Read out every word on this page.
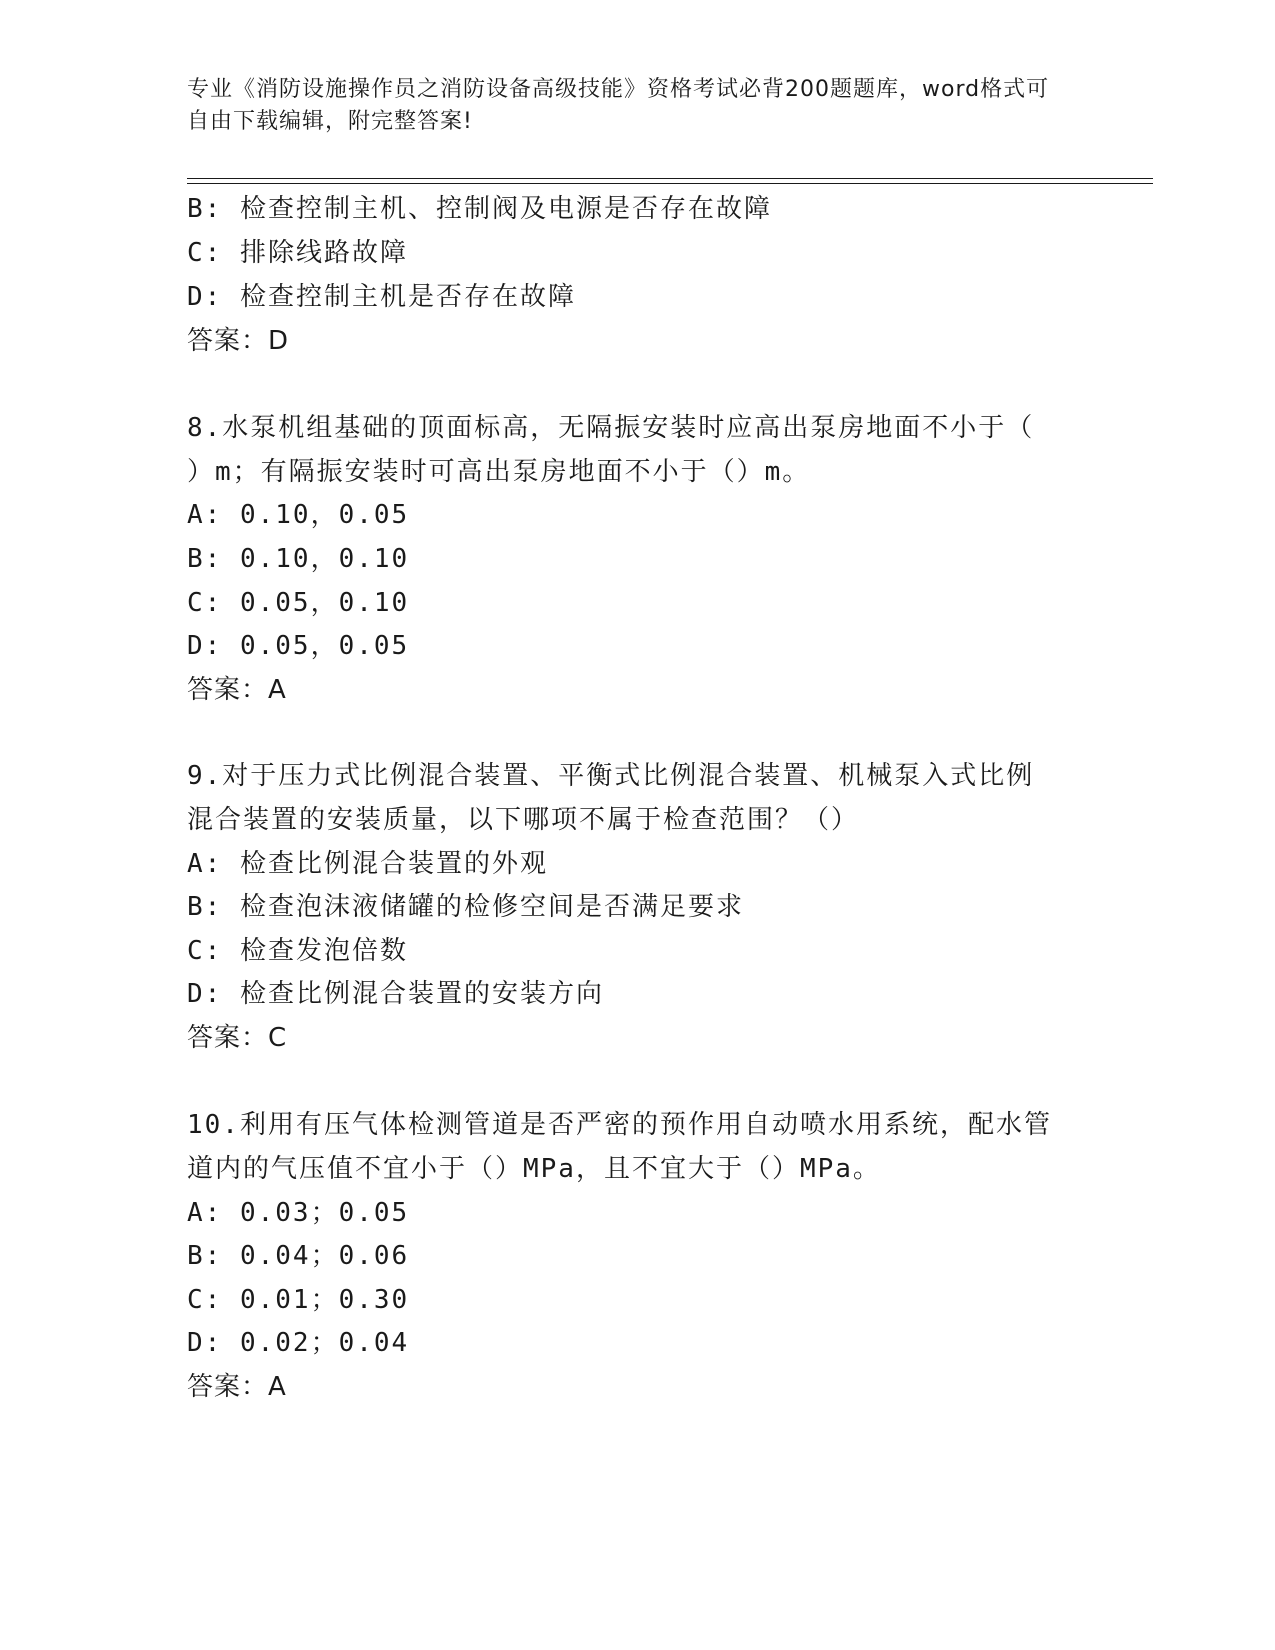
专业《消防设施操作员之消防设备高级技能》资格考试必背200题题库，word格式可自由下载编辑，附完整答案!
B: 检查控制主机、控制阀及电源是否存在故障
C: 排除线路故障
D: 检查控制主机是否存在故障
答案：D
8.水泵机组基础的顶面标高，无隔振安装时应高出泵房地面不小于（
）m；有隔振安装时可高出泵房地面不小于（）m。
A: 0.10，0.05
B: 0.10，0.10
C: 0.05，0.10
D: 0.05，0.05
答案：A
9.对于压力式比例混合装置、平衡式比例混合装置、机械泵入式比例
混合装置的安装质量，以下哪项不属于检查范围？（）
A: 检查比例混合装置的外观
B: 检查泡沫液储罐的检修空间是否满足要求
C: 检查发泡倍数
D: 检查比例混合装置的安装方向
答案：C
10.利用有压气体检测管道是否严密的预作用自动喷水用系统，配水管
道内的气压值不宜小于（）MPa，且不宜大于（）MPa。
A: 0.03；0.05
B: 0.04；0.06
C: 0.01；0.30
D: 0.02；0.04
答案：A
